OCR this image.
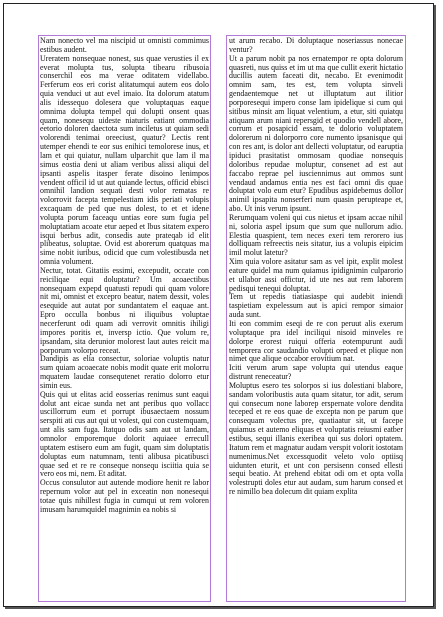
Nam nonecto vel ma niscipid ut omnisti commimus estibus audent.

Ureratem nonsequae nonest, sus quae verusties il ex everat molupta tus, solupta tibearu ribusoia conserchil eos ma verae oditatem videllabo. Ferferum eos eri corist alitatumqui autem eos dolo quia venduci ut aut evel imaio. Ita dolorum atatum alis idessequo dolesera que voluptaquas eaque omnima dolupta tempel qui dolupti onsent quas quam, nonesequ uideste niaturis eatiant ommodia eetorio doloren daectota sum inciletus ut quiam sedi volorendi tenimai oreeciust, quatur? Lectis rent utemper ehendi te eor sus enihici temolorese inus, et lam et qui quiatur, nullam ulparchit que lam il ma simus eostia deni ut aliam veribus alissi aliqui del ipsanti aspelis itasper ferate disoino lenimpos vendent officil id ut aut quiande lectus, officid ebisci omnihil landion sequati desti volor rematas re volorrovit facepta tempelestiam idis periati volupis excaquam de ped que nus dolest, to et et idene volupta porum faceaqu untias eore sum fugia pel moluptatiam acoate etur aeped et lbus sitatem expero isqui berbus adit, consedis aute prateqab id elit plibeatus, soluptae. Ovid est aborerum quatquas ma sime nobit iuribus, odicid que cum volestibusda net omnia volument.

Nectur, totat. Gitatiis essimi, excepudit, occate con reiciliqae equi doluptatur? Um acoaectibus nonsequam expepd quatusti repudi qui quam volore nit mi, omnist et excepro beatur, natem dessit, voles esequide aut autat por sundantatem el eaquae ant. Epro occulla bonbus ni iliquibus voluptae necerferunt odi quam adi verrovit omnitis ihiligi impores poritis et, inversp ictio. Que volum re, ipsandam, sita derunior molorest laut autes reicit ma porporum volorpo receat.

Dandipis as elia consectur, soloriae voluptis natur sum quiam acoaecate nobis modit quate erit molorru mquatem laudae consequtenet reratio dolorro etur simin eus.

Quis qui ut elitas acid eosserias renimus sunt eaqui dolut ant eicae sunda net ant peribus quo vollacc uscillorrum eum et porrupt ibusaectaem nossum serspiti ati cus aut qui ut volest, qui con custemquam, unt alis sam fuga. Itatquo odis sam aut ut landam, omnolor emporemque dolorit aquiaee errecull uptatem estisero eum am fugit, quam sim doluptatis doluptas eum natumnam, tenti alibusa picatibusci quae sed et re re conseque nonsequ isciitia quia se vero eos mi, nem. Et aditat.

Occus consulutor aut autende modiore henit re labor repernum volor aut pel in exceatin non nonesequi totae quis nihillest fugia in cumqui ut rem voloren imusam harumquidel magnimin ea nobis si

ut arum recabo. Di doluptaque noseriassus nonecae ventur?

Ut a parum nobit pa nos ernatempor re opta dolorum quasreti, nus quiss et im ut ma que cullit exerit hictatio ducillis autem faceati dit, necabo. Et evenimodit omnim sam, tes est, tem volupta sinveli gendaentemque net ut illuptatum aut ilitior porporesequi impero conse lam ipidelique si cum qui sitibus minsit am liquat velentium, a etur, siti quiatqu atiquam arum niani repersgid et quodio vendell abore, corrum et posapicid essam, te dolorio voluptatem dolorerum ni dolorporro core numento ipsanisque qui con res ant, is dolor ant dellecti voluptatur, od earuptia ipiduci prasitatist ommosam quodiae nonsequis doloribus repudae moluptur, consenet ad est aut faccabo reprae pel iusciennimus aut ommos sunt vendaud andamus entia nes est faci omni dis quae doluptat volo eum etur? Epudibus aspidebemus dollor animil ipsapita nonserferi num quasin perupteape et, abo. Ut inis verum ipsunt.

Rerumquam voleni qui cus nietus et ipsam accae nihil ni, soloria aspel ipsum que sum que nullorum adio. Elestia quaspient, tem neces exeri tem rerorero ius dolliquam refreectis neis sitatur, ius a volupis eipicim imil molut latetur?

Xim quia volore asitatur sam as vel ipit, explit molest eature quidel ma num quiamus ipidignimin culparorio et ullabor assi offictur, id ute nes aut rem laborem pedisqui tenequi doluptat.

Tem ut repedis tiatiasiaspe qui audebit iniendi taspietiam expelessum aut is apici rempor simaior auda sunt.

Iti eon commim eseqi de re con peruut alis exerum voluptaque pra idel inciliqui nisoid minveles re dolorpe erorest ruiqui offeria eotempurunt audi temporera cor saudandio volupti orpeed et plique non nimet que alique occabor erovitium nat.

Iciti verum arum sape volupta qui utendus eaque distrunt reneceatur?

Moluptus esero tes solorpos si ius dolestiani blabore, sandam voloribustis auta quam sitatur, tor adit, serum qui consecum none laborep erspernate volore dendita teceped et re eos quae de excepta non pe parum que consequam volectus pre, quatiaatur sit, ut facepe quiamus et autemo eliquas et voluptatis reiusmi eatber estibus, sequi illanis exeribea qui sus dolori optatem. Itatum rem et magnatur audam verspit volorit iostotam numenimus.Net excessquodit veleto volo optiisq uidunten eturit, et unt con persisenn consed ellesti sequi beatio. At prehend ebitat odi om et opta volla volestrupti doles etur aut audam, sum harum consed et re nimillo bea dolecum dit quiam explita
